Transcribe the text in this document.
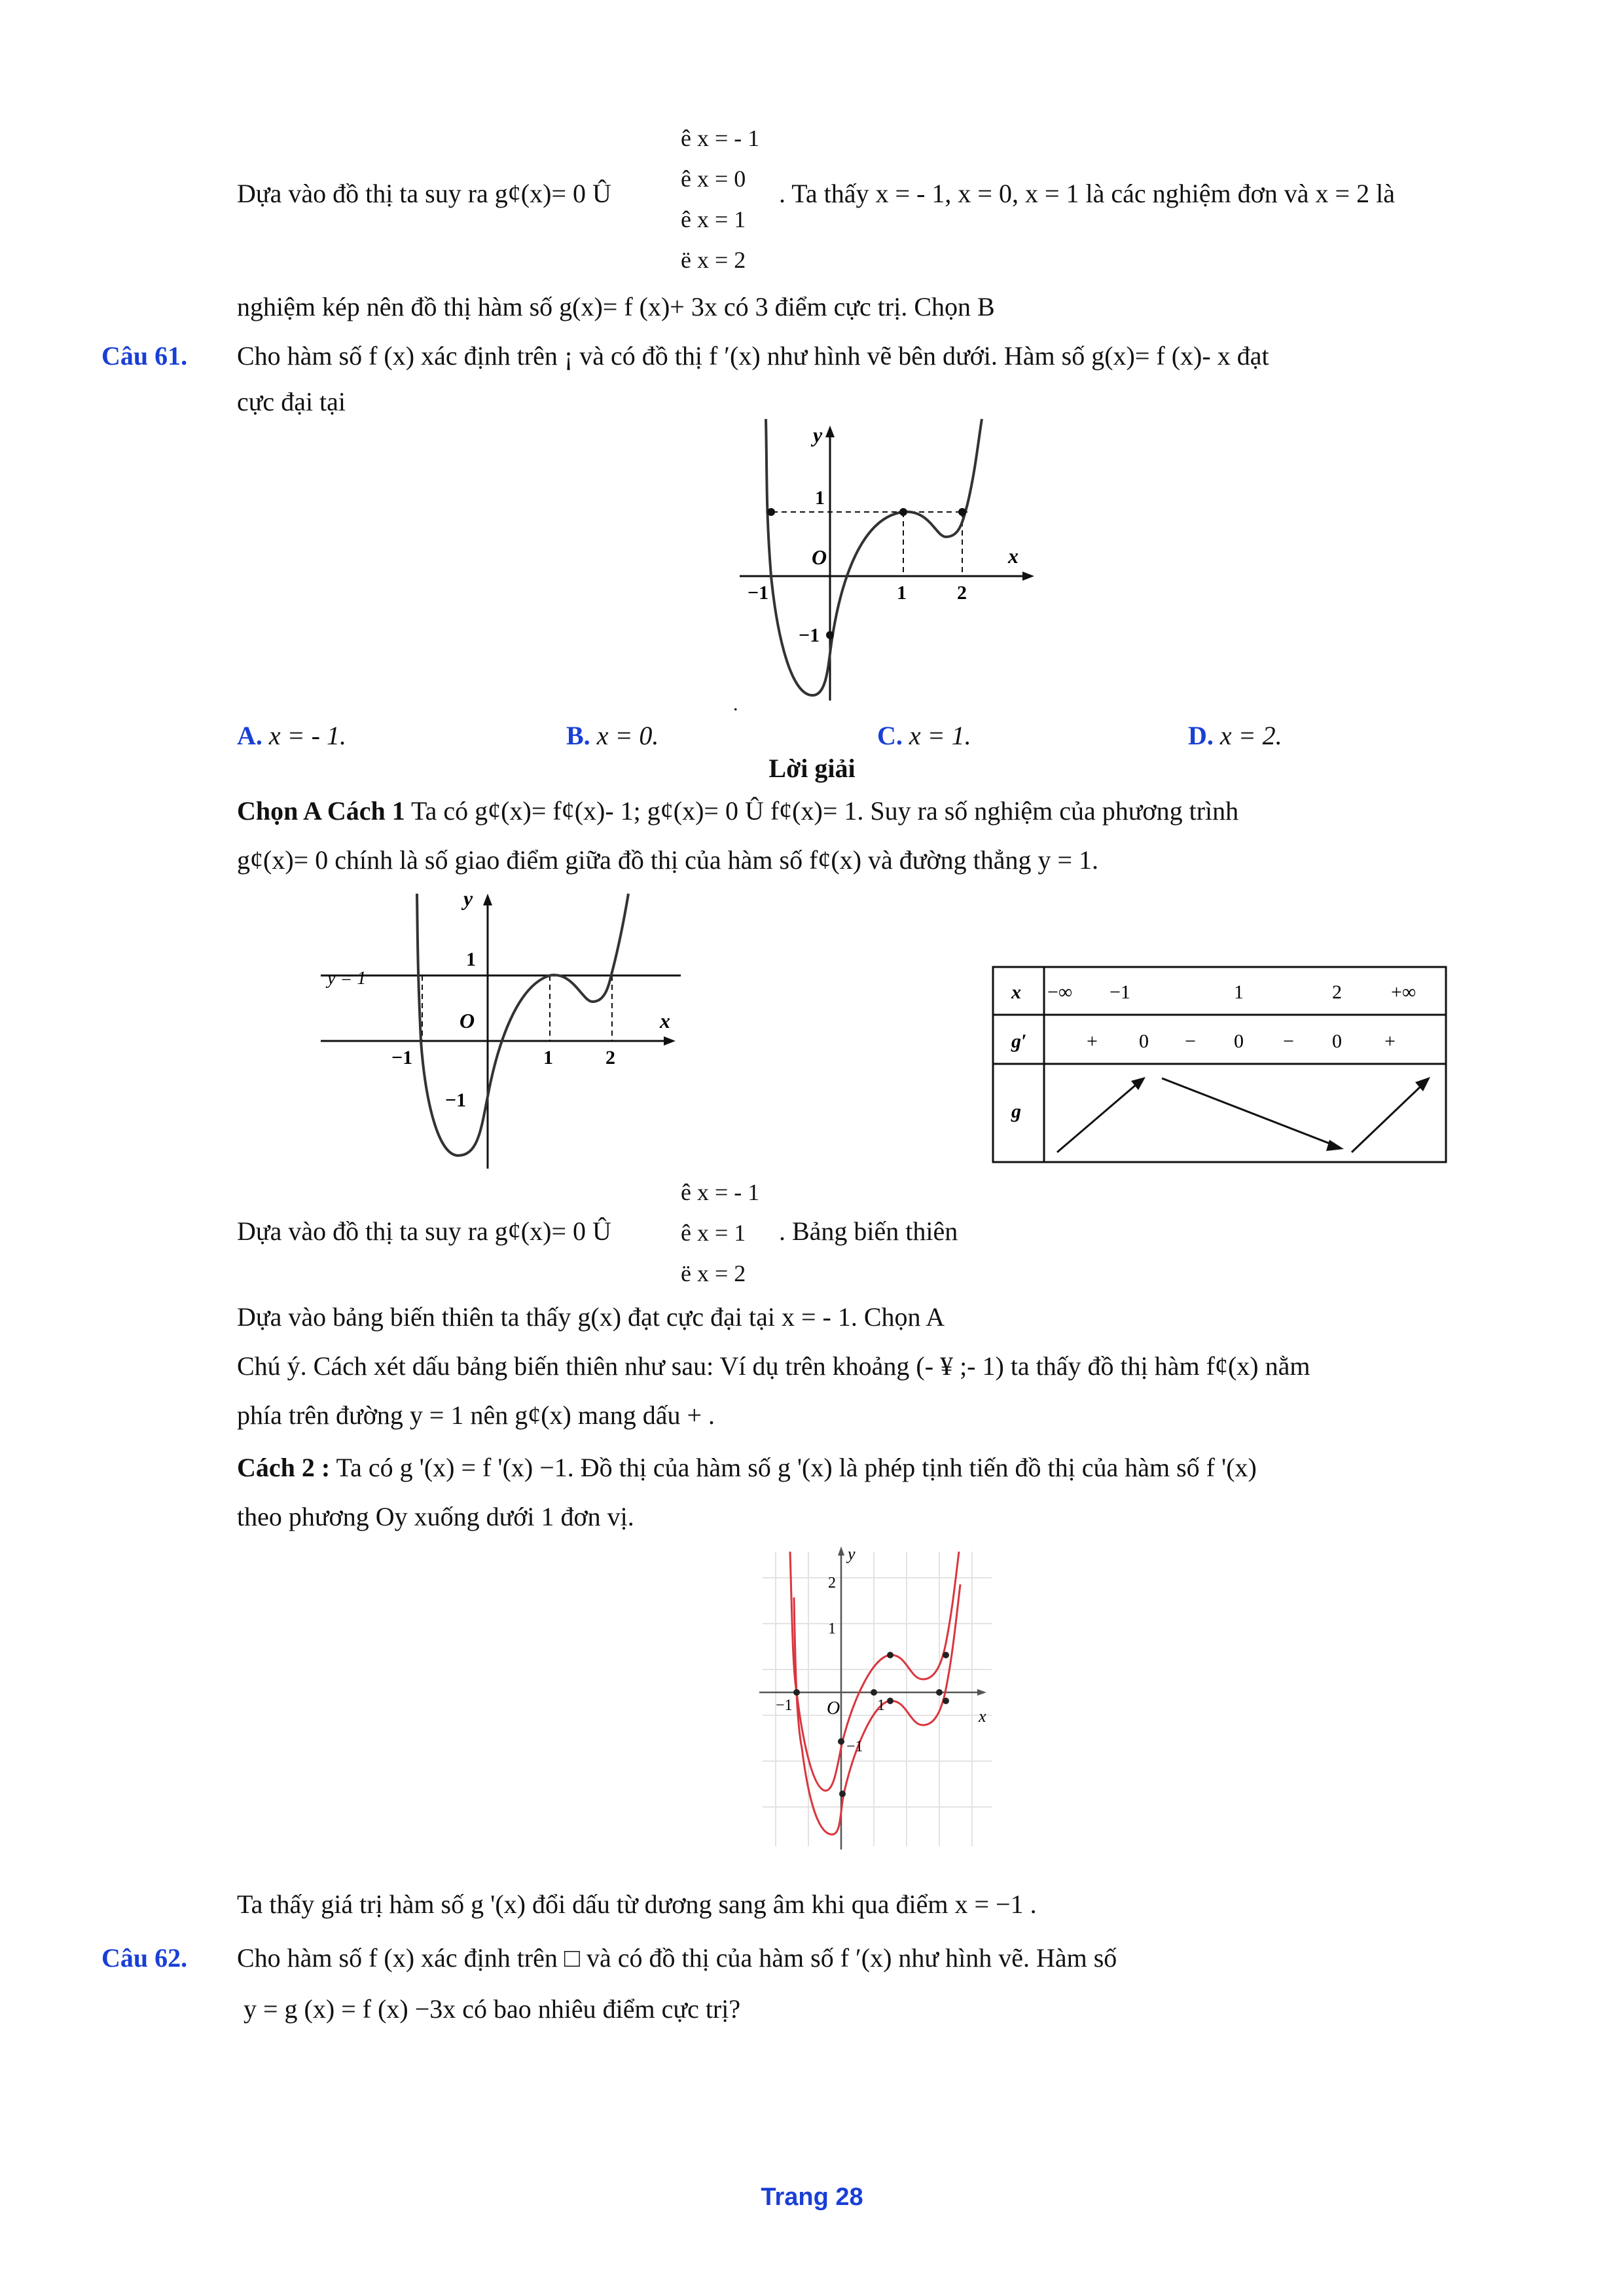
Dựa vào đồ thị ta suy ra g¢(x)= 0 Û
ê x = - 1
ê x = 0
ê x = 1
ë x = 2
. Ta thấy x = - 1, x = 0, x = 1 là các nghiệm đơn và x = 2 là
nghiệm kép nên đồ thị hàm số g(x)= f (x)+ 3x có 3 điểm cực trị. Chọn B
Câu 61. Cho hàm số f (x) xác định trên ¡ và có đồ thị f ′(x) như hình vẽ bên dưới. Hàm số g(x)= f (x)- x đạt
cực đại tại
y
x
O
1
−1
−1	1	2
.
A. x = - 1.	B. x = 0.	C. x = 1.	D. x = 2.
Lời giải
Chọn A Cách 1 Ta có g¢(x)= f¢(x)- 1; g¢(x)= 0 Û f¢(x)= 1. Suy ra số nghiệm của phương trình
g¢(x)= 0 chính là số giao điểm giữa đồ thị của hàm số f¢(x) và đường thẳng y = 1.
y = 1
y
x
O
1
−1
−1	1	2
x −∞ −1	1	2	+∞
g′	+ 0 − 0 − 0 +
g
Dựa vào đồ thị ta suy ra g¢(x)= 0 Û
ê x = - 1
ê x = 1
ë x = 2
. Bảng biến thiên
Dựa vào bảng biến thiên ta thấy g(x) đạt cực đại tại x = - 1. Chọn A
Chú ý. Cách xét dấu bảng biến thiên như sau: Ví dụ trên khoảng (- ¥ ;- 1) ta thấy đồ thị hàm f¢(x) nằm
phía trên đường y = 1 nên g¢(x) mang dấu + .
Cách 2 : Ta có g '(x) = f '(x) −1. Đồ thị của hàm số g '(x) là phép tịnh tiến đồ thị của hàm số f '(x)
theo phương Oy xuống dưới 1 đơn vị.
y
x
O
2
1
−1
−1
1
Ta thấy giá trị hàm số g '(x) đổi dấu từ dương sang âm khi qua điểm x = −1 .
Câu 62. Cho hàm số f (x) xác định trên □ và có đồ thị của hàm số f ′(x) như hình vẽ. Hàm số
y = g (x) = f (x) −3x có bao nhiêu điểm cực trị?
Trang 28
